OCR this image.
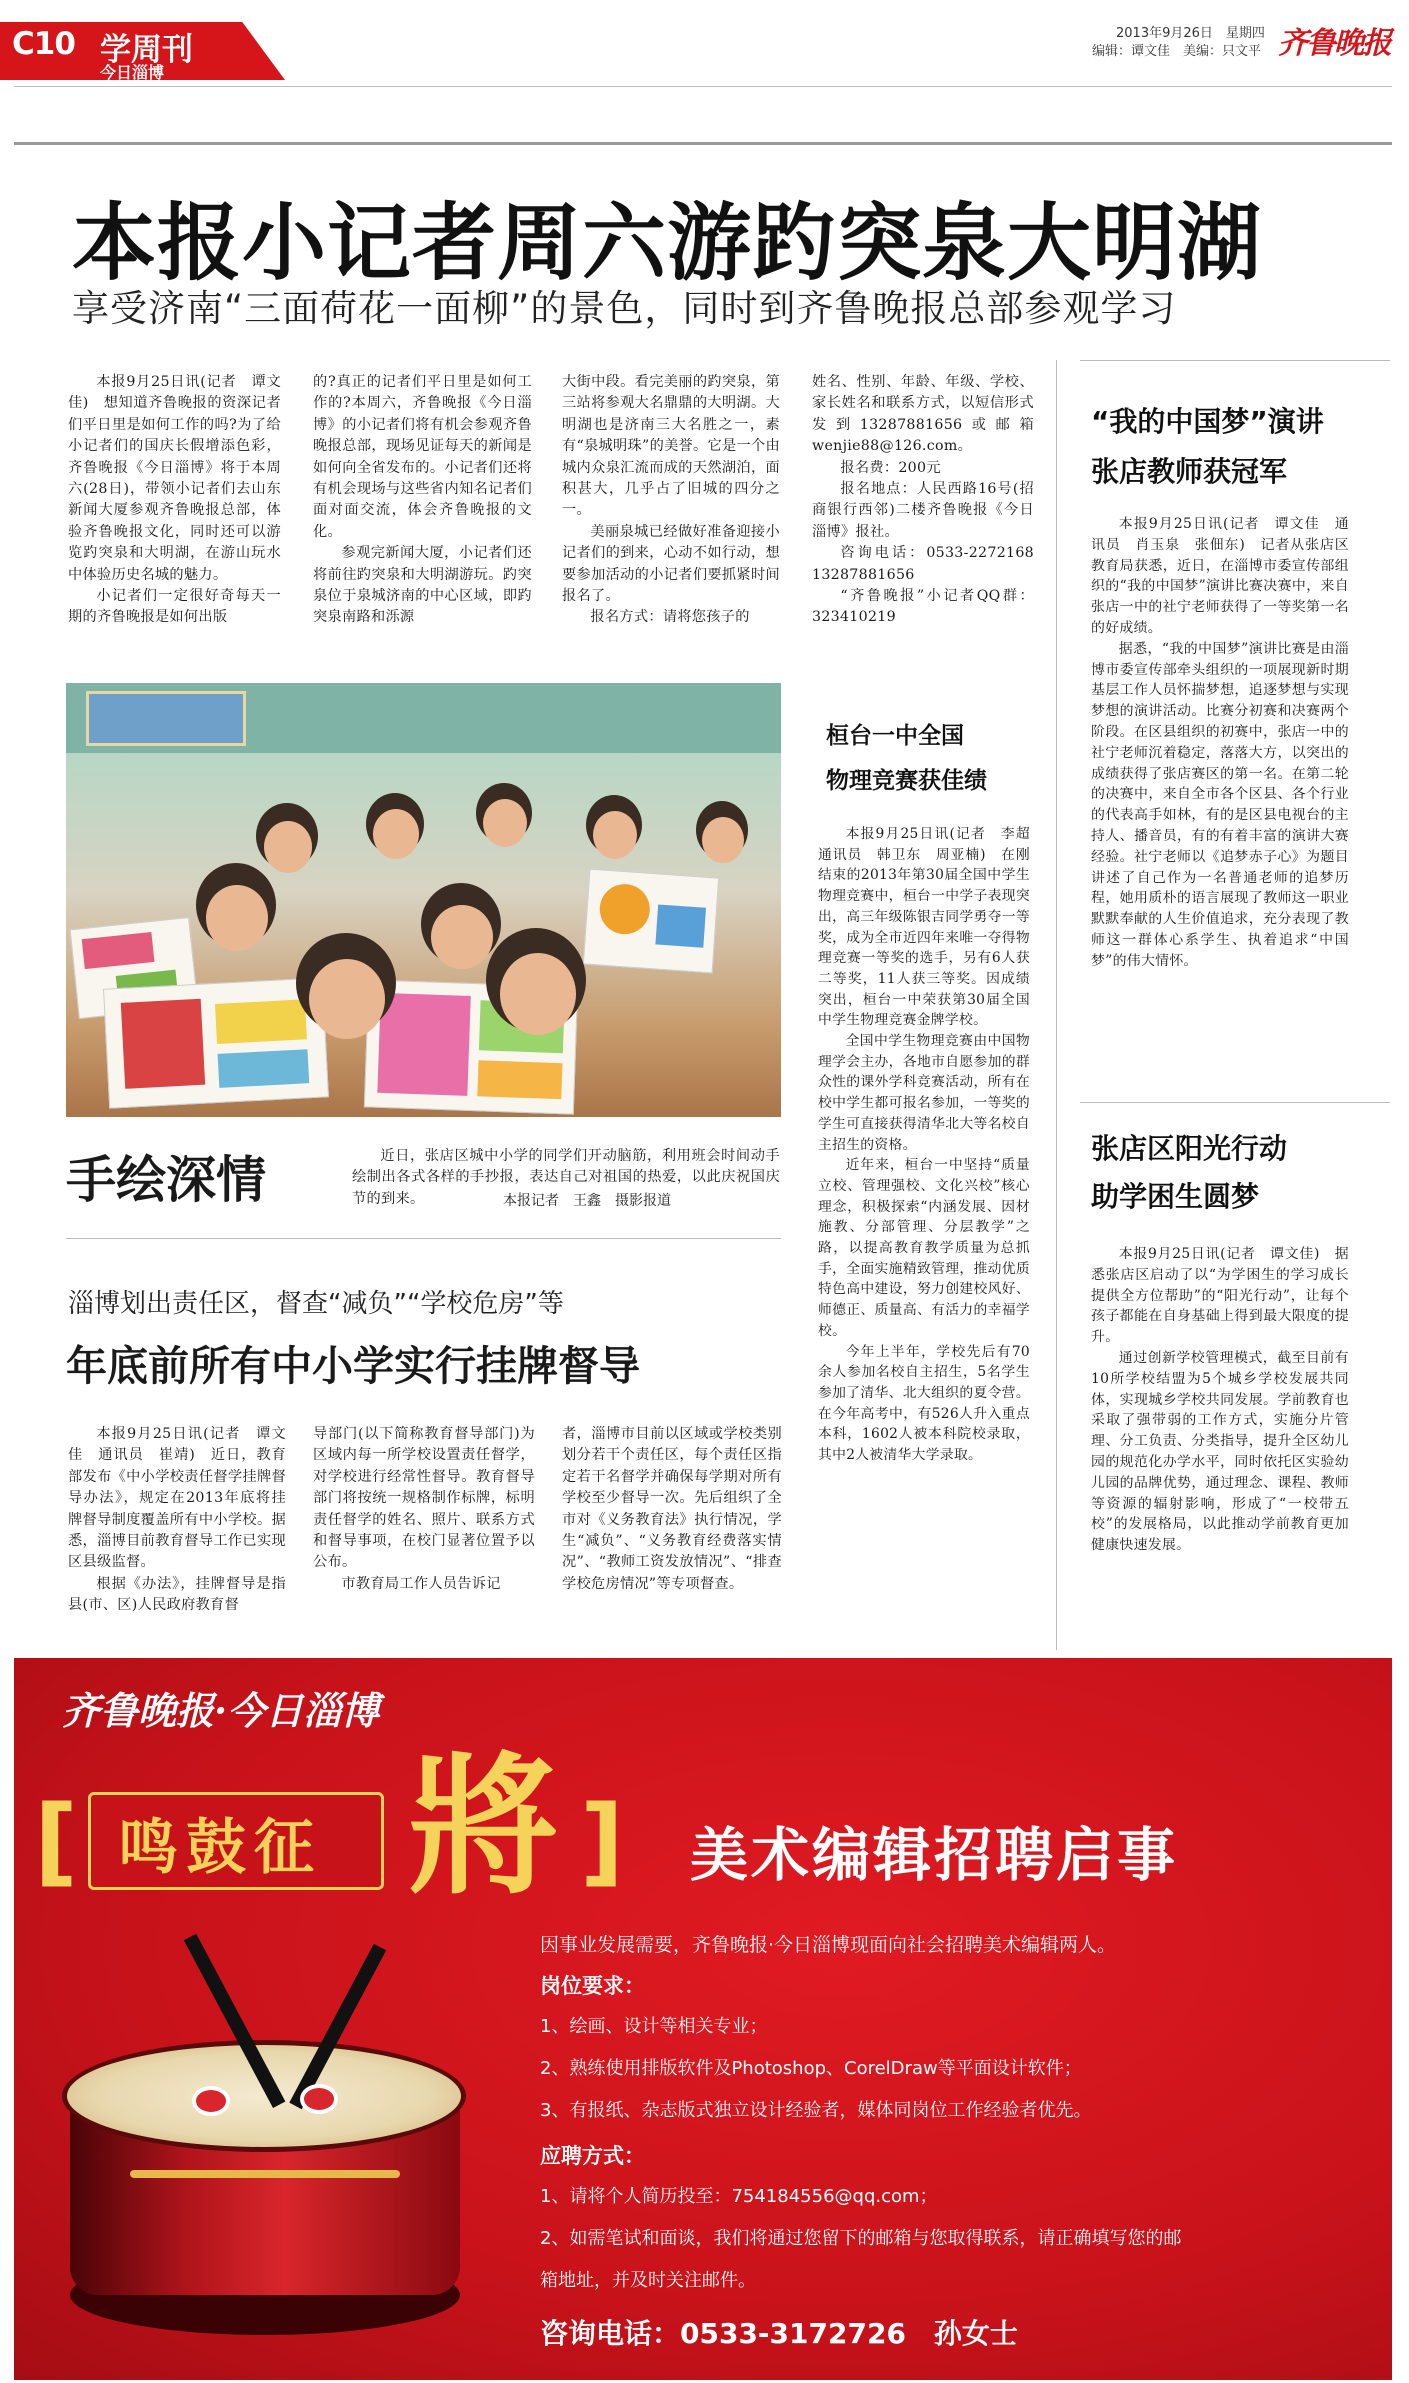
C10 学周刊
今日淄博
2013年9月26日　星期四
编辑：谭文佳　美编：只文平 齐鲁晚报
本报小记者周六游趵突泉大明湖
享受济南“三面荷花一面柳”的景色，同时到齐鲁晚报总部参观学习

本报9月25日讯(记者　谭文佳)　想知道齐鲁晚报的资深记者们平日里是如何工作的吗?为了给小记者们的国庆长假增添色彩，齐鲁晚报《今日淄博》将于本周六(28日)，带领小记者们去山东新闻大厦参观齐鲁晚报总部，体验齐鲁晚报文化，同时还可以游览趵突泉和大明湖，在游山玩水中体验历史名城的魅力。

小记者们一定很好奇每天一期的齐鲁晚报是如何出版

的?真正的记者们平日里是如何工作的?本周六，齐鲁晚报《今日淄博》的小记者们将有机会参观齐鲁晚报总部，现场见证每天的新闻是如何向全省发布的。小记者们还将有机会现场与这些省内知名记者们面对面交流，体会齐鲁晚报的文化。

参观完新闻大厦，小记者们还将前往趵突泉和大明湖游玩。趵突泉位于泉城济南的中心区域，即趵突泉南路和泺源

大街中段。看完美丽的趵突泉，第三站将参观大名鼎鼎的大明湖。大明湖也是济南三大名胜之一，素有“泉城明珠”的美誉。它是一个由城内众泉汇流而成的天然湖泊，面积甚大，几乎占了旧城的四分之一。

美丽泉城已经做好准备迎接小记者们的到来，心动不如行动，想要参加活动的小记者们要抓紧时间报名了。

报名方式：请将您孩子的

姓名、性别、年龄、年级、学校、家长姓名和联系方式，以短信形式发到13287881656或邮箱wenjie88@126.com。

报名费：200元

报名地点：人民西路16号(招商银行西邻)二楼齐鲁晚报《今日淄博》报社。

咨询电话：0533-2272168　13287881656

“齐鲁晚报”小记者QQ群：323410219

手绘深情	近日，张店区城中小学的同学们开动脑筋，利用班会时间动手绘制出各式各样的手抄报，表达自己对祖国的热爱，以此庆祝国庆节的到来。	本报记者　王鑫　摄影报道
淄博划出责任区，督查“减负”“学校危房”等
年底前所有中小学实行挂牌督导

本报9月25日讯(记者　谭文佳　通讯员　崔靖)　近日，教育部发布《中小学校责任督学挂牌督导办法》，规定在2013年底将挂牌督导制度覆盖所有中小学校。据悉，淄博目前教育督导工作已实现区县级监督。

根据《办法》，挂牌督导是指县(市、区)人民政府教育督

导部门(以下简称教育督导部门)为区域内每一所学校设置责任督学，对学校进行经常性督导。教育督导部门将按统一规格制作标牌，标明责任督学的姓名、照片、联系方式和督导事项，在校门显著位置予以公布。

市教育局工作人员告诉记

者，淄博市目前以区域或学校类别划分若干个责任区，每个责任区指定若干名督学并确保每学期对所有学校至少督导一次。先后组织了全市对《义务教育法》执行情况，学生“减负”、“义务教育经费落实情况”、“教师工资发放情况”、“排查学校危房情况”等专项督查。

桓台一中全国
物理竞赛获佳绩

本报9月25日讯(记者　李超　通讯员　韩卫东　周亚楠)　在刚结束的2013年第30届全国中学生物理竞赛中，桓台一中学子表现突出，高三年级陈银吉同学勇夺一等奖，成为全市近四年来唯一夺得物理竞赛一等奖的选手，另有6人获二等奖，11人获三等奖。因成绩突出，桓台一中荣获第30届全国中学生物理竞赛金牌学校。

全国中学生物理竞赛由中国物理学会主办，各地市自愿参加的群众性的课外学科竞赛活动，所有在校中学生都可报名参加，一等奖的学生可直接获得清华北大等名校自主招生的资格。

近年来，桓台一中坚持“质量立校、管理强校、文化兴校”核心理念，积极探索“内涵发展、因材施教、分部管理、分层教学”之路，以提高教育教学质量为总抓手，全面实施精致管理，推动优质特色高中建设，努力创建校风好、师德正、质量高、有活力的幸福学校。

今年上半年，学校先后有70余人参加名校自主招生，5名学生参加了清华、北大组织的夏令营。在今年高考中，有526人升入重点本科，1602人被本科院校录取，其中2人被清华大学录取。

“我的中国梦”演讲
张店教师获冠军

本报9月25日讯(记者　谭文佳　通讯员　肖玉泉　张佃东)　记者从张店区教育局获悉，近日，在淄博市委宣传部组织的“我的中国梦”演讲比赛决赛中，来自张店一中的社宁老师获得了一等奖第一名的好成绩。

据悉，“我的中国梦”演讲比赛是由淄博市委宣传部牵头组织的一项展现新时期基层工作人员怀揣梦想，追逐梦想与实现梦想的演讲活动。比赛分初赛和决赛两个阶段。在区县组织的初赛中，张店一中的社宁老师沉着稳定，落落大方，以突出的成绩获得了张店赛区的第一名。在第二轮的决赛中，来自全市各个区县、各个行业的代表高手如林，有的是区县电视台的主持人、播音员，有的有着丰富的演讲大赛经验。社宁老师以《追梦赤子心》为题目讲述了自己作为一名普通老师的追梦历程，她用质朴的语言展现了教师这一职业默默奉献的人生价值追求，充分表现了教师这一群体心系学生、执着追求“中国梦”的伟大情怀。

张店区阳光行动
助学困生圆梦

本报9月25日讯(记者　谭文佳)　据悉张店区启动了以“为学困生的学习成长提供全方位帮助”的“阳光行动”，让每个孩子都能在自身基础上得到最大限度的提升。

通过创新学校管理模式，截至目前有10所学校结盟为5个城乡学校发展共同体，实现城乡学校共同发展。学前教育也采取了强带弱的工作方式，实施分片管理、分工负责、分类指导，提升全区幼儿园的规范化办学水平，同时依托区实验幼儿园的品牌优势，通过理念、课程、教师等资源的辐射影响，形成了“一校带五校”的发展格局，以此推动学前教育更加健康快速发展。

齐鲁晚报·今日淄博
[ 鸣鼓征 將 ] 美术编辑招聘启事
因事业发展需要，齐鲁晚报·今日淄博现面向社会招聘美术编辑两人。
岗位要求：
1、绘画、设计等相关专业；
2、熟练使用排版软件及Photoshop、CorelDraw等平面设计软件；
3、有报纸、杂志版式独立设计经验者，媒体同岗位工作经验者优先。
应聘方式：
1、请将个人简历投至：754184556@qq.com；
2、如需笔试和面谈，我们将通过您留下的邮箱与您取得联系，请正确填写您的邮
箱地址，并及时关注邮件。
咨询电话：0533-3172726　孙女士
